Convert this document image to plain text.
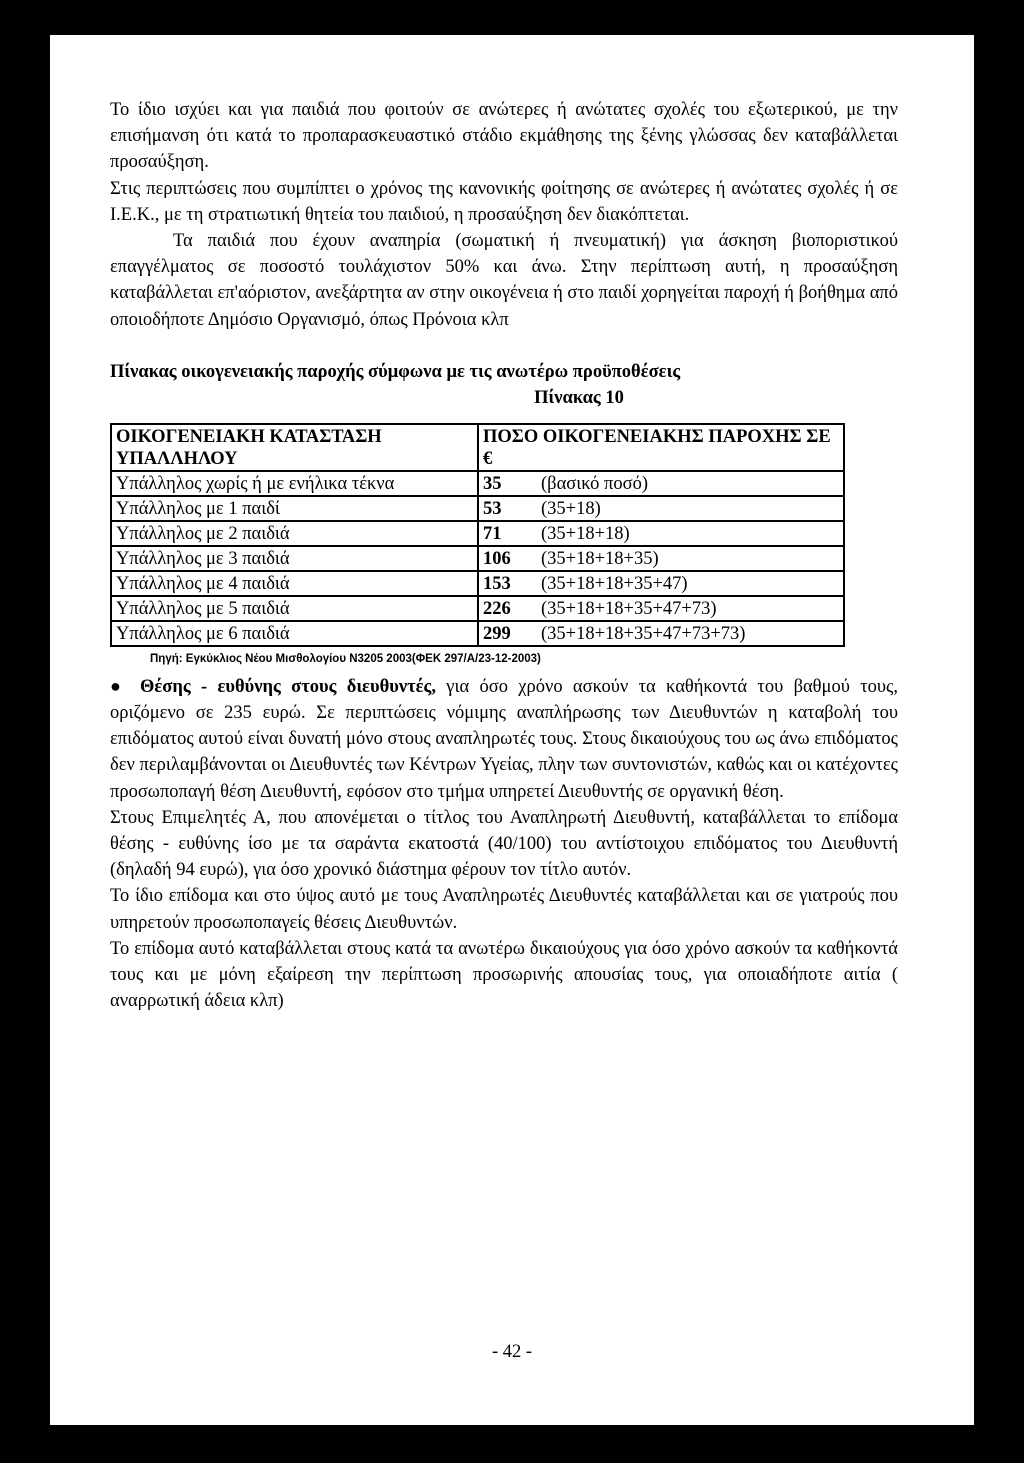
Το ίδιο ισχύει και για παιδιά που φοιτούν σε ανώτερες ή ανώτατες σχολές του εξωτερικού, με την επισήμανση ότι κατά το προπαρασκευαστικό στάδιο εκμάθησης της ξένης γλώσσας δεν καταβάλλεται προσαύξηση.

Στις περιπτώσεις που συμπίπτει ο χρόνος της κανονικής φοίτησης σε ανώτερες ή ανώτατες σχολές ή σε Ι.Ε.Κ., με τη στρατιωτική θητεία του παιδιού, η προσαύξηση δεν διακόπτεται.

Τα παιδιά που έχουν αναπηρία (σωματική ή πνευματική) για άσκηση βιοποριστικού επαγγέλματος σε ποσοστό τουλάχιστον 50% και άνω. Στην περίπτωση αυτή, η προσαύξηση καταβάλλεται επ'αόριστον, ανεξάρτητα αν στην οικογένεια ή στο παιδί χορηγείται παροχή ή βοήθημα από οποιοδήποτε Δημόσιο Οργανισμό, όπως Πρόνοια κλπ

Πίνακας οικογενειακής παροχής σύμφωνα με τις ανωτέρω προϋποθέσεις
Πίνακας 10
ΟΙΚΟΓΕΝΕΙΑΚΗ ΚΑΤΑΣΤΑΣΗ ΥΠΑΛΛΗΛΟΥ	ΠΟΣΟ ΟΙΚΟΓΕΝΕΙΑΚΗΣ ΠΑΡΟΧΗΣ ΣΕ €
Υπάλληλος χωρίς ή με ενήλικα τέκνα	35 (βασικό ποσό)
Υπάλληλος με 1 παιδί	53 (35+18)
Υπάλληλος με 2 παιδιά	71 (35+18+18)
Υπάλληλος με 3 παιδιά	106 (35+18+18+35)
Υπάλληλος με 4 παιδιά	153 (35+18+18+35+47)
Υπάλληλος με 5 παιδιά	226 (35+18+18+35+47+73)
Υπάλληλος με 6 παιδιά	299 (35+18+18+35+47+73+73)
Πηγή: Εγκύκλιος Νέου Μισθολογίου Ν3205 2003(ΦΕΚ 297/Α/23-12-2003)

● Θέσης - ευθύνης στους διευθυντές, για όσο χρόνο ασκούν τα καθήκοντά του βαθμού τους, οριζόμενο σε 235 ευρώ. Σε περιπτώσεις νόμιμης αναπλήρωσης των Διευθυντών η καταβολή του επιδόματος αυτού είναι δυνατή μόνο στους αναπληρωτές τους. Στους δικαιούχους του ως άνω επιδόματος δεν περιλαμβάνονται οι Διευθυντές των Κέντρων Υγείας, πλην των συντονιστών, καθώς και οι κατέχοντες προσωποπαγή θέση Διευθυντή, εφόσον στο τμήμα υπηρετεί Διευθυντής σε οργανική θέση.

Στους Επιμελητές Α, που απονέμεται ο τίτλος του Αναπληρωτή Διευθυντή, καταβάλλεται το επίδομα θέσης - ευθύνης ίσο με τα σαράντα εκατοστά (40/100) του αντίστοιχου επιδόματος του Διευθυντή (δηλαδή 94 ευρώ), για όσο χρονικό διάστημα φέρουν τον τίτλο αυτόν.

Το ίδιο επίδομα και στο ύψος αυτό με τους Αναπληρωτές Διευθυντές καταβάλλεται και σε γιατρούς που υπηρετούν προσωποπαγείς θέσεις Διευθυντών.

Το επίδομα αυτό καταβάλλεται στους κατά τα ανωτέρω δικαιούχους για όσο χρόνο ασκούν τα καθήκοντά τους και με μόνη εξαίρεση την περίπτωση προσωρινής απουσίας τους, για οποιαδήποτε αιτία ( αναρρωτική άδεια κλπ)

- 42 -
